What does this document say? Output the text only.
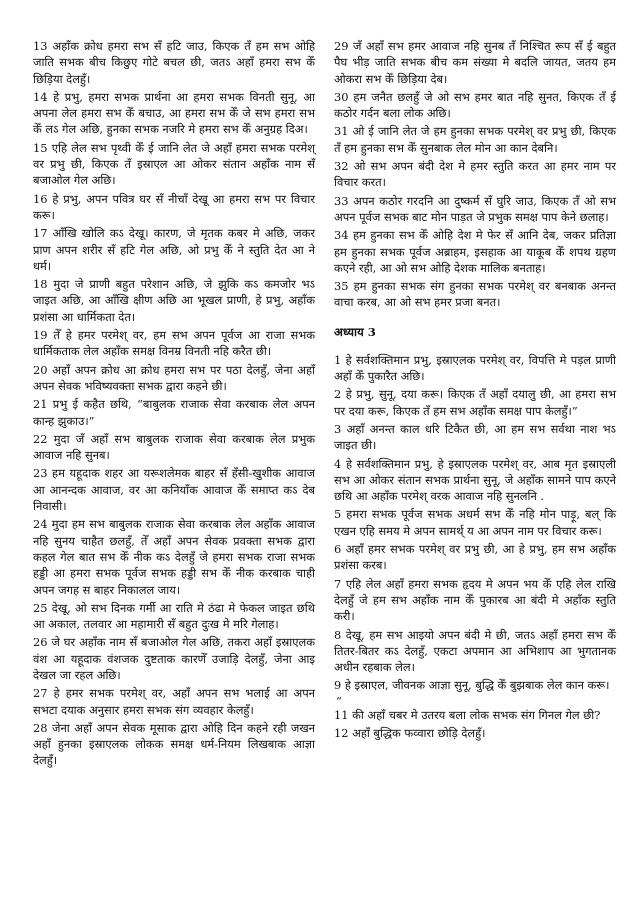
13 अहाँक क्रोध हमरा सभ सँ हटि जाउ, किएक तँ हम सभ ओहि जाति सभक बीच किछुए गोटे बचल छी, जतऽ अहाँ हमरा सभ केँ छिड़िया देलहुँ।

14 हे प्रभु, हमरा सभक प्रार्थना आ हमरा सभक विनती सुनू, आ अपना लेल हमरा सभ केँ बचाउ, आ हमरा सभ केँ जे सभ हमरा सभ केँ लऽ गेल अछि, हुनका सभक नजरि मे हमरा सभ केँ अनुग्रह दिअ।

15 एहि लेल सभ पृथ्वी केँ ई जानि लेत जे अहाँ हमरा सभक परमेश् वर प्रभु छी, किएक तँ इस्राएल आ ओकर संतान अहाँक नाम सँ बजाओल गेल अछि।

16 हे प्रभु, अपन पवित्र घर सँ नीचाँ देखू आ हमरा सभ पर विचार करू।

17 आँखि खोलि कऽ देखू। कारण, जे मृतक कबर मे अछि, जकर प्राण अपन शरीर सँ हटि गेल अछि, ओ प्रभु केँ ने स्तुति देत आ ने धर्म।

18 मुदा जे प्राणी बहुत परेशान अछि, जे झुकि कऽ कमजोर भऽ जाइत अछि, आ आँखि क्षीण अछि आ भूखल प्राणी, हे प्रभु, अहाँक प्रशंसा आ धार्मिकता देत।

19 तेँ हे हमर परमेश् वर, हम सभ अपन पूर्वज आ राजा सभक धार्मिकताक लेल अहाँक समक्ष विनम्र विनती नहि करैत छी।

20 अहाँ अपन क्रोध आ क्रोध हमरा सभ पर पठा देलहुँ, जेना अहाँ अपन सेवक भविष्यवक्ता सभक द्वारा कहने छी।

21 प्रभु ई कहैत छथि, “बाबुलक राजाक सेवा करबाक लेल अपन कान्ह झुकाउ।”

22 मुदा जँ अहाँ सभ बाबुलक राजाक सेवा करबाक लेल प्रभुक आवाज नहि सुनब।

23 हम यहूदाक शहर आ यरूशलेमक बाहर सँ हँसी-खुशीक आवाज आ आनन्दक आवाज, वर आ कनियाँक आवाज केँ समाप्त कऽ देब निवासी।

24 मुदा हम सभ बाबुलक राजाक सेवा करबाक लेल अहाँक आवाज नहि सुनय चाहैत छलहुँ, तेँ अहाँ अपन सेवक प्रवक्ता सभक द्वारा कहल गेल बात सभ केँ नीक कऽ देलहुँ जे हमरा सभक राजा सभक हड्डी आ हमरा सभक पूर्वज सभक हड्डी सभ केँ नीक करबाक चाही अपन जगह स बाहर निकालल जाय।

25 देखू, ओ सभ दिनक गर्मी आ राति मे ठंढा मे फेकल जाइत छथि आ अकाल, तलवार आ महामारी सँ बहुत दुःख मे मरि गेलाह।

26 जे घर अहाँक नाम सँ बजाओल गेल अछि, तकरा अहाँ इस्राएलक वंश आ यहूदाक वंशजक दुष्टताक कारणेँ उजाड़ि देलहुँ, जेना आइ देखल जा रहल अछि।

27 हे हमर सभक परमेश् वर, अहाँ अपन सभ भलाई आ अपन सभटा दयाक अनुसार हमरा सभक संग व्यवहार केलहुँ।

28 जेना अहाँ अपन सेवक मूसाक द्वारा ओहि दिन कहने रही जखन अहाँ हुनका इस्राएलक लोकक समक्ष धर्म-नियम लिखबाक आज्ञा देलहुँ।

29 जँ अहाँ सभ हमर आवाज नहि सुनब तँ निश्चित रूप सँ ई बहुत पैघ भीड़ जाति सभक बीच कम संख्या मे बदलि जायत, जतय हम ओकरा सभ केँ छिड़िया देब।

30 हम जनैत छलहुँ जे ओ सभ हमर बात नहि सुनत, किएक तँ ई कठोर गर्दन बला लोक अछि।

31 ओ ई जानि लेत जे हम हुनका सभक परमेश् वर प्रभु छी, किएक तँ हम हुनका सभ केँ सुनबाक लेल मोन आ कान देबनि।

32 ओ सभ अपन बंदी देश मे हमर स्तुति करत आ हमर नाम पर विचार करत।

33 अपन कठोर गरदनि आ दुष्कर्म सँ घुरि जाउ, किएक तँ ओ सभ अपन पूर्वज सभक बाट मोन पाड़त जे प्रभुक समक्ष पाप केने छलाह।

34 हम हुनका सभ केँ ओहि देश मे फेर सँ आनि देब, जकर प्रतिज्ञा हम हुनका सभक पूर्वज अब्राहम, इसहाक आ याकूब केँ शपथ ग्रहण कएने रही, आ ओ सभ ओहि देशक मालिक बनताह।

35 हम हुनका सभक संग हुनका सभक परमेश् वर बनबाक अनन्त वाचा करब, आ ओ सभ हमर प्रजा बनत।

अध्याय 3

1 हे सर्वशक्तिमान प्रभु, इस्राएलक परमेश् वर, विपत्ति मे पड़ल प्राणी अहाँ केँ पुकारैत अछि।

2 हे प्रभु, सुनू, दया करू। किएक तँ अहाँ दयालु छी, आ हमरा सभ पर दया करू, किएक तँ हम सभ अहाँक समक्ष पाप केलहुँ।”

3 अहाँ अनन्त काल धरि टिकैत छी, आ हम सभ सर्वथा नाश भऽ जाइत छी।

4 हे सर्वशक्तिमान प्रभु, हे इस्राएलक परमेश् वर, आब मृत इस्राएली सभ आ ओकर संतान सभक प्रार्थना सुनू, जे अहाँक सामने पाप कएने छथि आ अहाँक परमेश् वरक आवाज नहि सुनलनि .

5 हमरा सभक पूर्वज सभक अधर्म सभ केँ नहि मोन पाड़ू, बल् कि एखन एहि समय मे अपन सामर्थ् य आ अपन नाम पर विचार करू।

6 अहाँ हमर सभक परमेश् वर प्रभु छी, आ हे प्रभु, हम सभ अहाँक प्रशंसा करब।

7 एहि लेल अहाँ हमरा सभक हृदय मे अपन भय केँ एहि लेल राखि देलहुँ जे हम सभ अहाँक नाम केँ पुकारब आ बंदी मे अहाँक स्तुति करी।

8 देखू, हम सभ आइयो अपन बंदी मे छी, जतऽ अहाँ हमरा सभ केँ तितर-बितर कऽ देलहुँ, एकटा अपमान आ अभिशाप आ भुगतानक अधीन रहबाक लेल।

9 हे इस्राएल, जीवनक आज्ञा सुनू, बुद्धि केँ बुझबाक लेल कान करू।

“

11 की अहाँ चबर मे उतरय बला लोक सभक संग गिनल गेल छी?

12 अहाँ बुद्धिक फव्वारा छोड़ि देलहुँ।
